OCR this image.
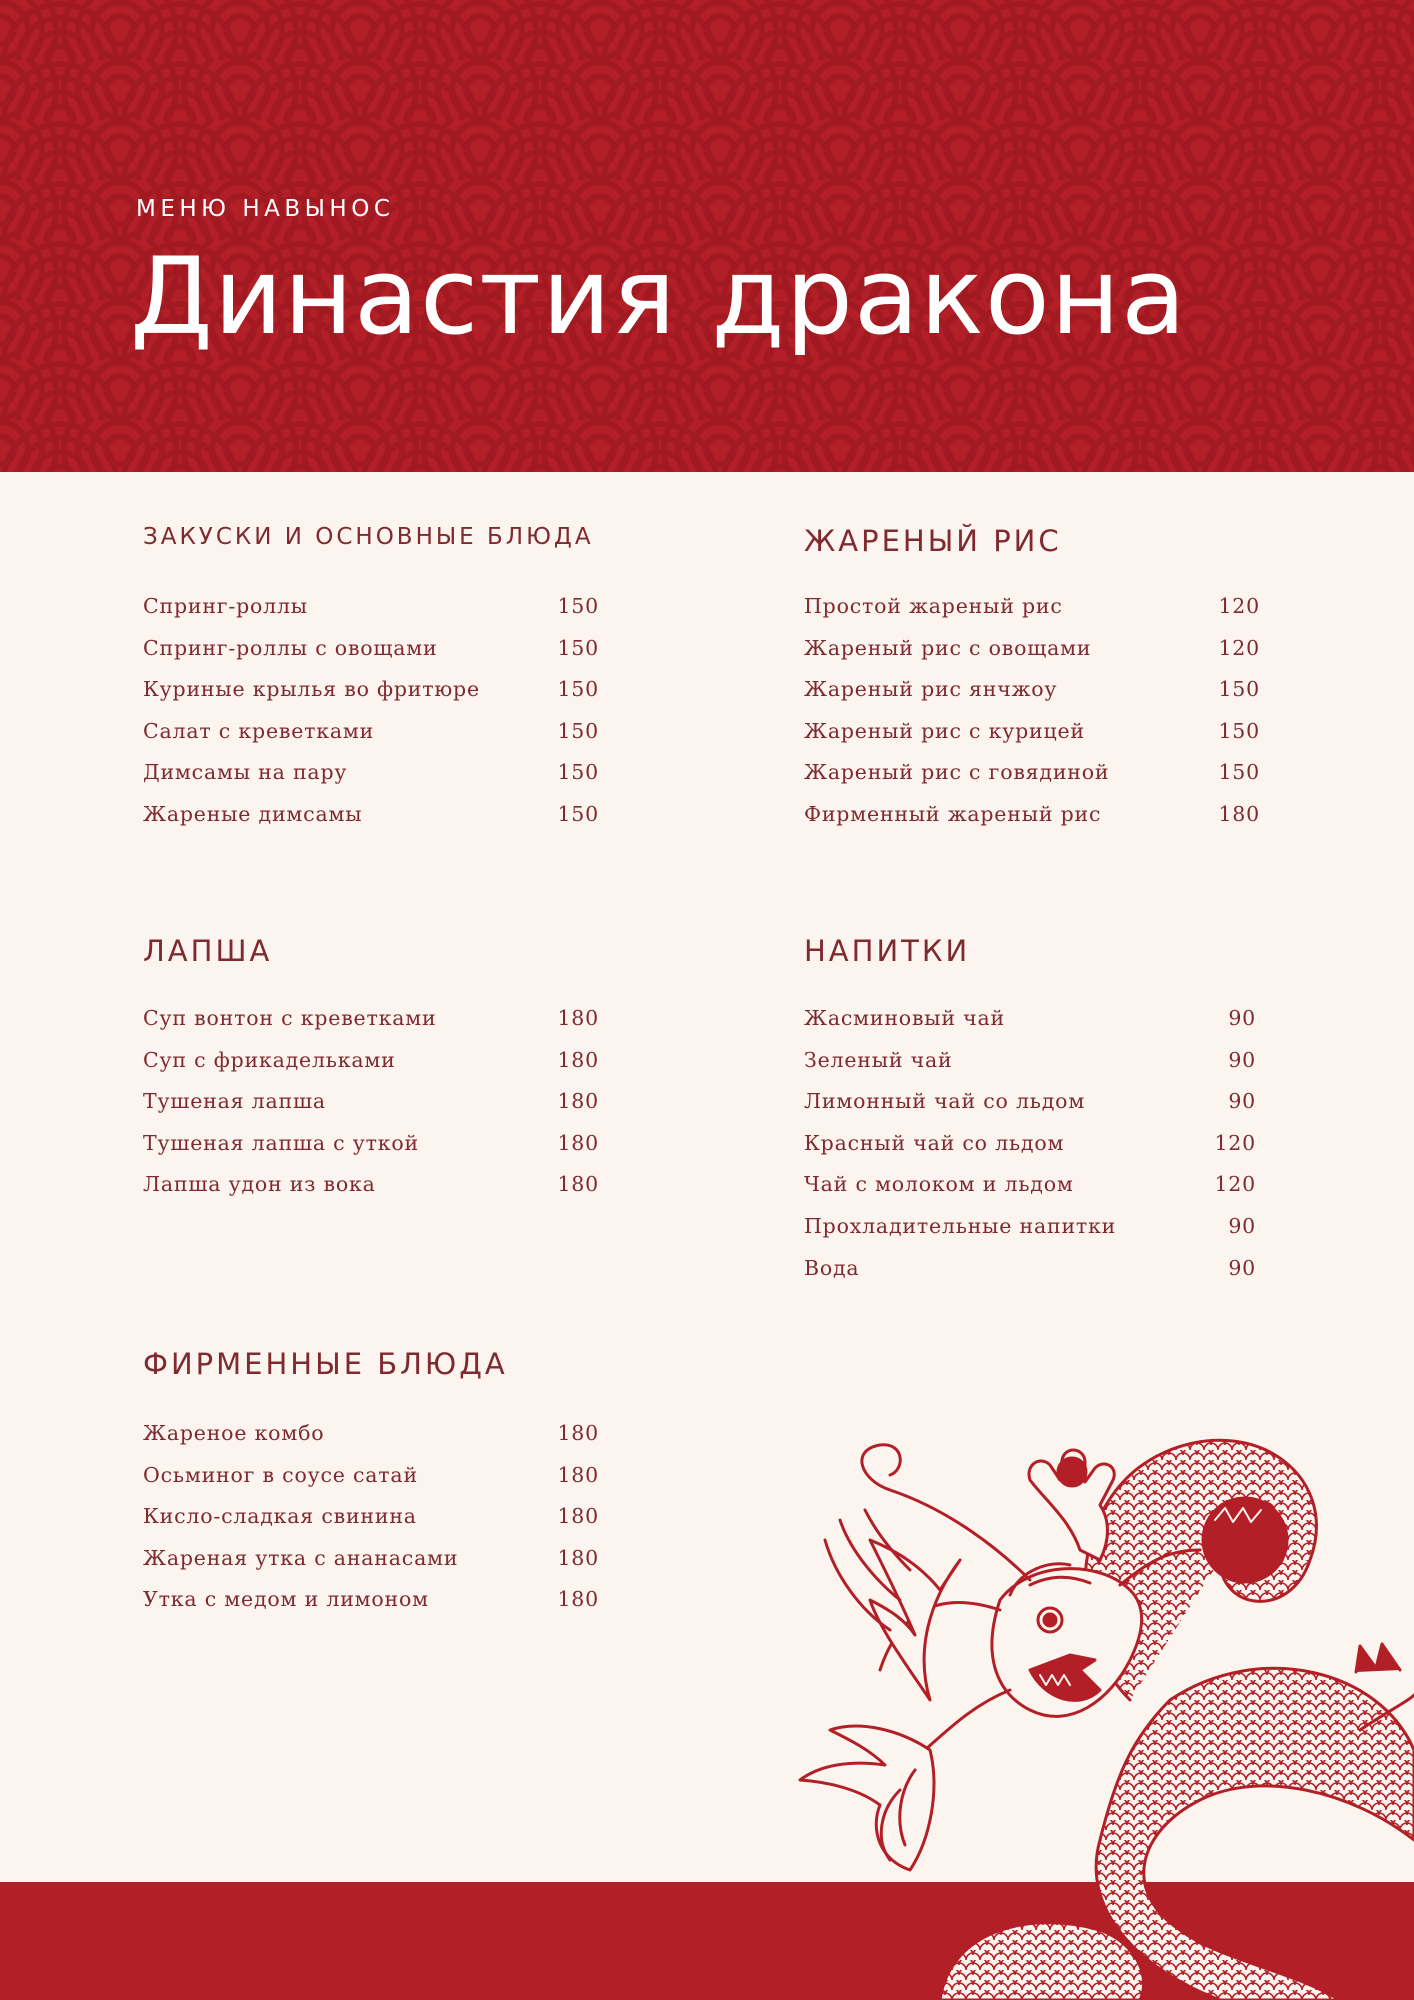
МЕНЮ НАВЫНОС
Династия дракона
ЗАКУСКИ И ОСНОВНЫЕ БЛЮДА
Спринг-роллы	150
Спринг-роллы с овощами	150
Куриные крылья во фритюре	150
Салат с креветками	150
Димсамы на пару	150
Жареные димсамы	150
ЖАРЕНЫЙ РИС
Простой жареный рис	120
Жареный рис с овощами	120
Жареный рис янчжоу	150
Жареный рис с курицей	150
Жареный рис с говядиной	150
Фирменный жареный рис	180
ЛАПША
Суп вонтон с креветками	180
Суп с фрикадельками	180
Тушеная лапша	180
Тушеная лапша с уткой	180
Лапша удон из вока	180
НАПИТКИ
Жасминовый чай	90
Зеленый чай	90
Лимонный чай со льдом	90
Красный чай со льдом	120
Чай с молоком и льдом	120
Прохладительные напитки	90
Вода	90
ФИРМЕННЫЕ БЛЮДА
Жареное комбо	180
Осьминог в соусе сатай	180
Кисло-сладкая свинина	180
Жареная утка с ананасами	180
Утка с медом и лимоном	180
